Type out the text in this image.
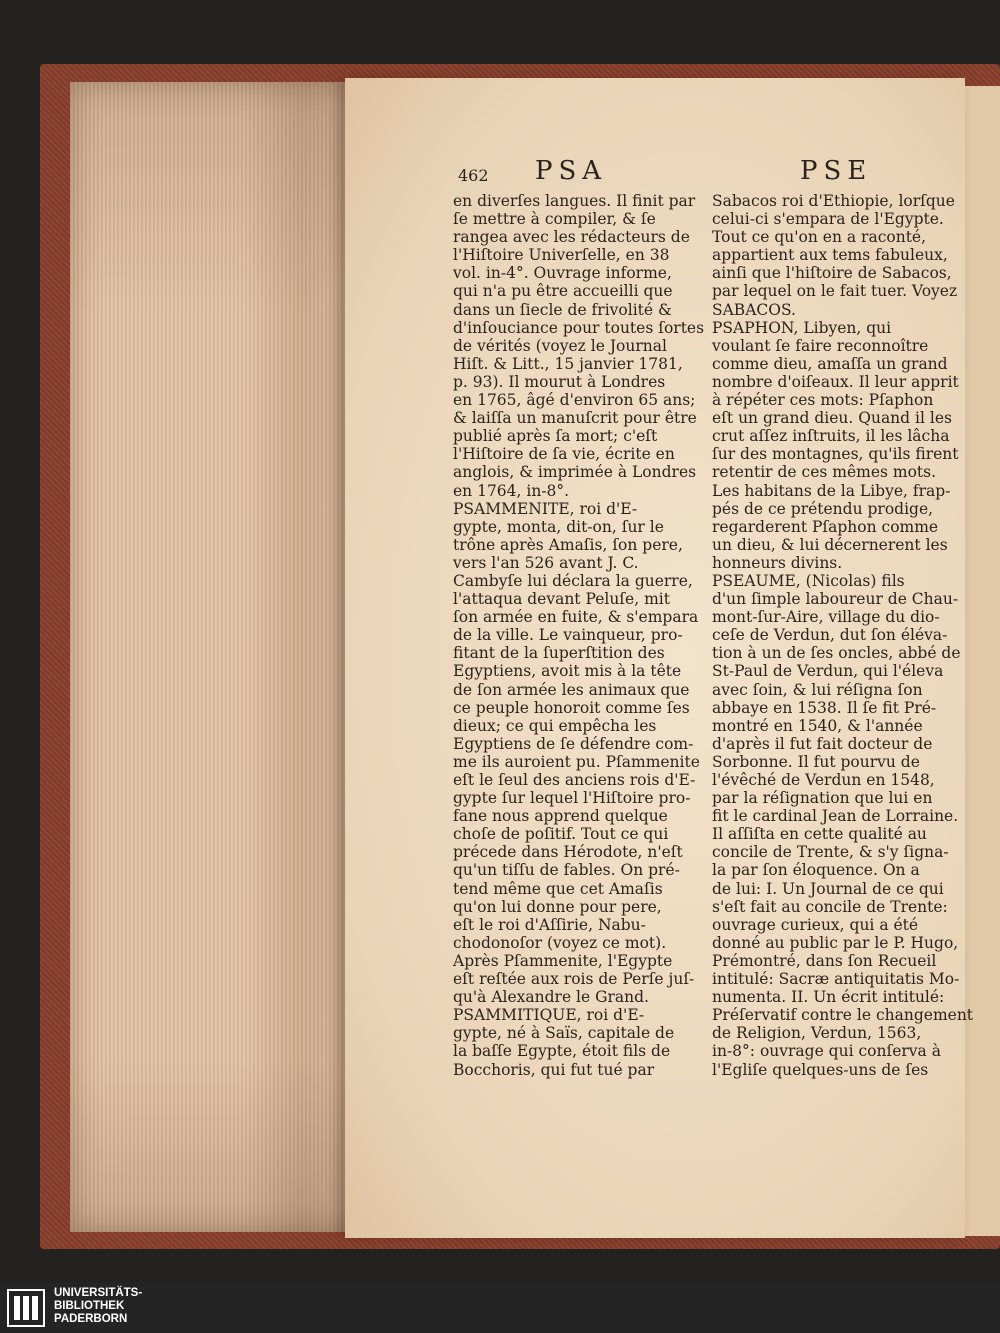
462 PSA	PSE
en diverſes langues. Il finit par
ſe mettre à compiler, & ſe
rangea avec les rédacteurs de
l'Hiſtoire Univerſelle, en 38
vol. in-4°. Ouvrage informe,
qui n'a pu être accueilli que
dans un ſiecle de frivolité &
d'inſouciance pour toutes ſortes
de vérités (voyez le Journal
Hiſt. & Litt., 15 janvier 1781,
p. 93). Il mourut à Londres
en 1765, âgé d'environ 65 ans;
& laiſſa un manuſcrit pour être
publié après ſa mort; c'eſt
l'Hiſtoire de ſa vie, écrite en
anglois, & imprimée à Londres
en 1764, in-8°.
PSAMMENITE, roi d'E-
gypte, monta, dit-on, ſur le
trône après Amaſis, ſon pere,
vers l'an 526 avant J. C.
Cambyſe lui déclara la guerre,
l'attaqua devant Peluſe, mit
ſon armée en fuite, & s'empara
de la ville. Le vainqueur, pro-
fitant de la ſuperſtition des
Egyptiens, avoit mis à la tête
de ſon armée les animaux que
ce peuple honoroit comme ſes
dieux; ce qui empêcha les
Egyptiens de ſe défendre com-
me ils auroient pu. Pſammenite
eſt le ſeul des anciens rois d'E-
gypte ſur lequel l'Hiſtoire pro-
fane nous apprend quelque
choſe de poſitif. Tout ce qui
précede dans Hérodote, n'eſt
qu'un tiſſu de fables. On pré-
tend même que cet Amaſis
qu'on lui donne pour pere,
eſt le roi d'Aſſirie, Nabu-
chodonoſor (voyez ce mot).
Après Pſammenite, l'Egypte
eſt reſtée aux rois de Perſe juſ-
qu'à Alexandre le Grand.
PSAMMITIQUE, roi d'E-
gypte, né à Saïs, capitale de
la baſſe Egypte, étoit fils de
Bocchoris, qui fut tué par
Sabacos roi d'Ethiopie, lorſque
celui-ci s'empara de l'Egypte.
Tout ce qu'on en a raconté,
appartient aux tems fabuleux,
ainſi que l'hiſtoire de Sabacos,
par lequel on le fait tuer. Voyez
SABACOS.
PSAPHON, Libyen, qui
voulant ſe faire reconnoître
comme dieu, amaſſa un grand
nombre d'oiſeaux. Il leur apprit
à répéter ces mots: Pſaphon
eſt un grand dieu. Quand il les
crut aſſez inſtruits, il les lâcha
ſur des montagnes, qu'ils firent
retentir de ces mêmes mots.
Les habitans de la Libye, frap-
pés de ce prétendu prodige,
regarderent Pſaphon comme
un dieu, & lui décernerent les
honneurs divins.
PSEAUME, (Nicolas) fils
d'un ſimple laboureur de Chau-
mont-ſur-Aire, village du dio-
ceſe de Verdun, dut ſon éléva-
tion à un de ſes oncles, abbé de
St-Paul de Verdun, qui l'éleva
avec ſoin, & lui réſigna ſon
abbaye en 1538. Il ſe fit Pré-
montré en 1540, & l'année
d'après il fut fait docteur de
Sorbonne. Il fut pourvu de
l'évêché de Verdun en 1548,
par la réſignation que lui en
fit le cardinal Jean de Lorraine.
Il aſſiſta en cette qualité au
concile de Trente, & s'y ſigna-
la par ſon éloquence. On a
de lui: I. Un Journal de ce qui
s'eſt fait au concile de Trente:
ouvrage curieux, qui a été
donné au public par le P. Hugo,
Prémontré, dans ſon Recueil
intitulé: Sacræ antiquitatis Mo-
numenta. II. Un écrit intitulé:
Préſervatif contre le changement
de Religion, Verdun, 1563,
in-8°: ouvrage qui conſerva à
l'Egliſe quelques-uns de ſes
UNIVERSITÄTS-
BIBLIOTHEK
PADERBORN
